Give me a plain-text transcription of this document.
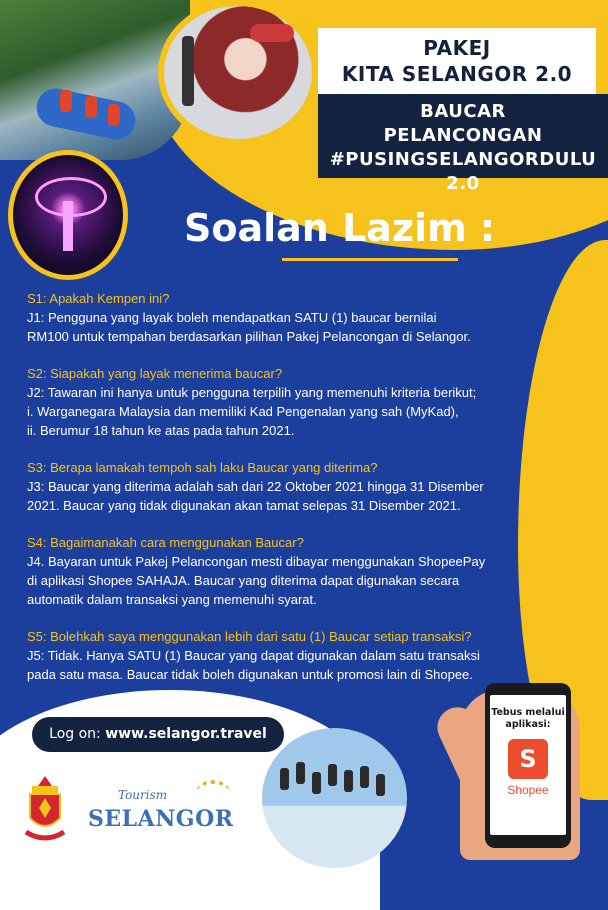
PAKEJ
KITA SELANGOR 2.0
BAUCAR
PELANCONGAN
#PUSINGSELANGORDULU 2.0
Soalan Lazim :
S1: Apakah Kempen ini?
J1: Pengguna yang layak boleh mendapatkan SATU (1) baucar bernilai
RM100 untuk tempahan berdasarkan pilihan Pakej Pelancongan di Selangor.
S2: Siapakah yang layak menerima baucar?
J2: Tawaran ini hanya untuk pengguna terpilih yang memenuhi kriteria berikut;
i. Warganegara Malaysia dan memiliki Kad Pengenalan yang sah (MyKad),
ii. Berumur 18 tahun ke atas pada tahun 2021.
S3: Berapa lamakah tempoh sah laku Baucar yang diterima?
J3: Baucar yang diterima adalah sah dari 22 Oktober 2021 hingga 31 Disember
2021. Baucar yang tidak digunakan akan tamat selepas 31 Disember 2021.
S4: Bagaimanakah cara menggunakan Baucar?
J4. Bayaran untuk Pakej Pelancongan mesti dibayar menggunakan ShopeePay
di aplikasi Shopee SAHAJA. Baucar yang diterima dapat digunakan secara
automatik dalam transaksi yang memenuhi syarat.
S5: Bolehkah saya menggunakan lebih dari satu (1) Baucar setiap transaksi?
J5: Tidak. Hanya SATU (1) Baucar yang dapat digunakan dalam satu transaksi
pada satu masa. Baucar tidak boleh digunakan untuk promosi lain di Shopee.
Log on: www.selangor.travel
Tebus melalui
aplikasi:
S
Shopee
Tourism
SELANGOR
